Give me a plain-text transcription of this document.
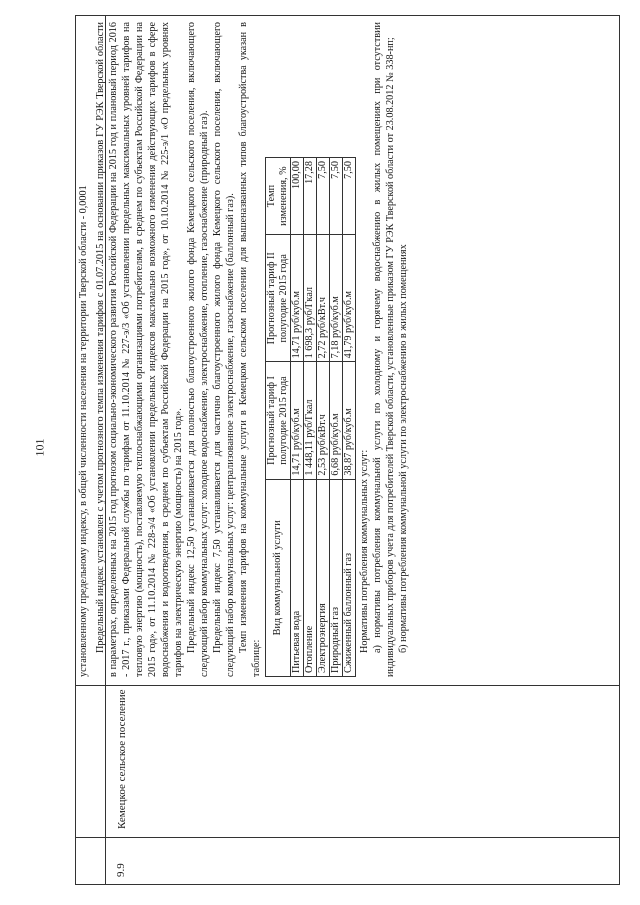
101
9.9
Кемецкое сельское поселение

установленному предельному индексу, в общей численности населения на территории Тверской области - 0,0001 Предельный индекс установлен с учетом прогнозного темпа изменения тарифов с 01.07.2015 на основании приказов ГУ РЭК Тверской области в параметрах, определенных на 2015 год прогнозом социально-экономического развития Российской Федерации на 2015 год и плановый период 2016 - 2017 г., приказами Федеральной службы по тарифам от 11.10.2014 № 227-э/3 «Об установлении предельных максимальных уровней тарифов на тепловую энергию (мощность), поставляемую теплоснабжающими организациями потребителям, в среднем по субъектам Российской Федерации на 2015 год», от 11.10.2014 № 228-э/4 «Об установлении предельных индексов максимально возможного изменения действующих тарифов в сфере водоснабжения и водоотведения, в среднем по субъектам Российской Федерации на 2015 год», от 10.10.2014 № 225-э/1 «О предельных уровнях тарифов на электрическую энергию (мощность) на 2015 год». Предельный индекс 12,50 устанавливается для полностью благоустроенного жилого фонда Кемецкого сельского поселения, включающего следующий набор коммунальных услуг: холодное водоснабжение, электроснабжение, отопление, газоснабжение (природный газ). Предельный индекс 7,50 устанавливается для частично благоустроенного жилого фонда Кемецкого сельского поселения, включающего следующий набор коммунальных услуг: централизованное электроснабжение, газоснабжение (баллонный газ). Темп изменения тарифов на коммунальные услуги в Кемецком сельском поселении для вышеназванных типов благоустройства указан в таблице:

Вид коммунальной услуги	Прогнозный тариф I полугодие 2015 года	Прогнозный тариф II полугодие 2015 года	Темп изменения, %
Питьевая вода	14,71 руб/куб.м	14,71 руб/куб.м	100,00
Отопление	1 448,11 руб/Гкал	1 698,3 руб/Гкал	17,28
Электроэнергия	2,53 руб/кВт.ч	2,72 руб/кВт.ч	7,50
Природный газ	6,68 руб/куб.м	7,18 руб/куб.м	7,50
Сжиженный баллонный газ	38,87 руб/куб.м	41,79 руб/куб.м	7,50

Нормативы потребления коммунальных услуг: а) нормативы потребления коммунальной услуги по холодному и горячему водоснабжению в жилых помещениях при отсутствии индивидуальных приборов учета для потребителей Тверской области, установленные приказом ГУ РЭК Тверской области от 23.08.2012 № 338-нп; б) нормативы потребления коммунальной услуги по электроснабжению в жилых помещениях
